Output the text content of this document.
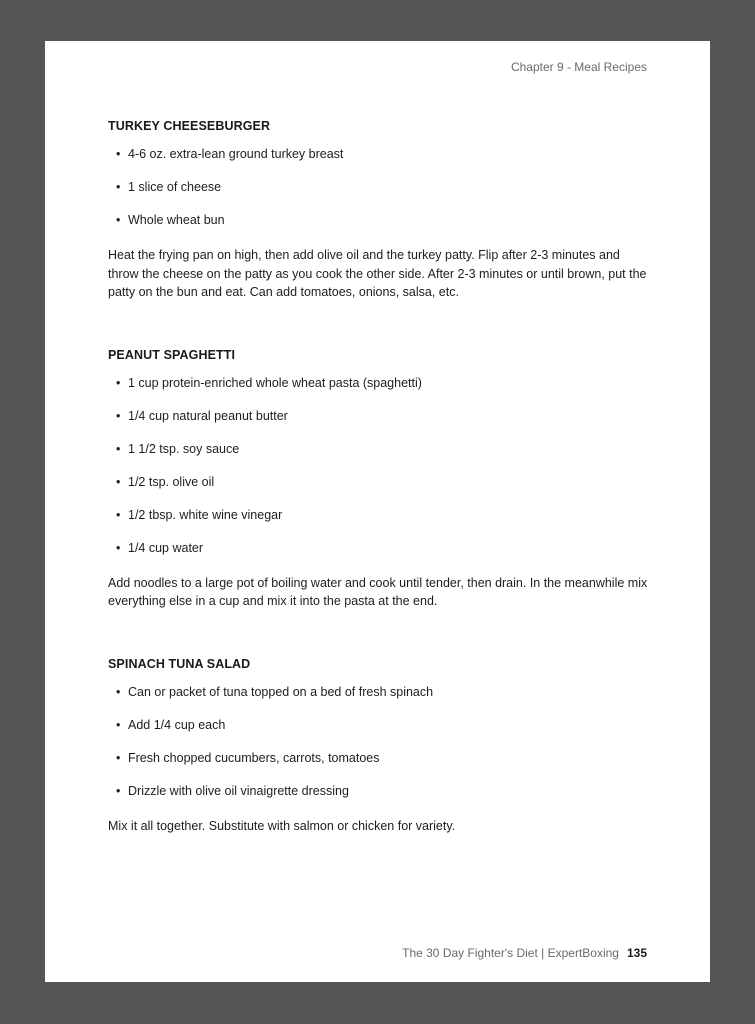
Chapter 9 - Meal Recipes
TURKEY CHEESEBURGER
• 4-6 oz. extra-lean ground turkey breast
• 1 slice of cheese
• Whole wheat bun

Heat the frying pan on high, then add olive oil and the turkey patty. Flip after 2-3 minutes and throw the cheese on the patty as you cook the other side. After 2-3 minutes or until brown, put the patty on the bun and eat. Can add tomatoes, onions, salsa, etc.

PEANUT SPAGHETTI
• 1 cup protein-enriched whole wheat pasta (spaghetti)
• 1/4 cup natural peanut butter
• 1 1/2 tsp. soy sauce
• 1/2 tsp. olive oil
• 1/2 tbsp. white wine vinegar
• 1/4 cup water

Add noodles to a large pot of boiling water and cook until tender, then drain. In the meanwhile mix everything else in a cup and mix it into the pasta at the end.

SPINACH TUNA SALAD
• Can or packet of tuna topped on a bed of fresh spinach
• Add 1/4 cup each
• Fresh chopped cucumbers, carrots, tomatoes
• Drizzle with olive oil vinaigrette dressing

Mix it all together. Substitute with salmon or chicken for variety.

The 30 Day Fighter's Diet | ExpertBoxing 135
